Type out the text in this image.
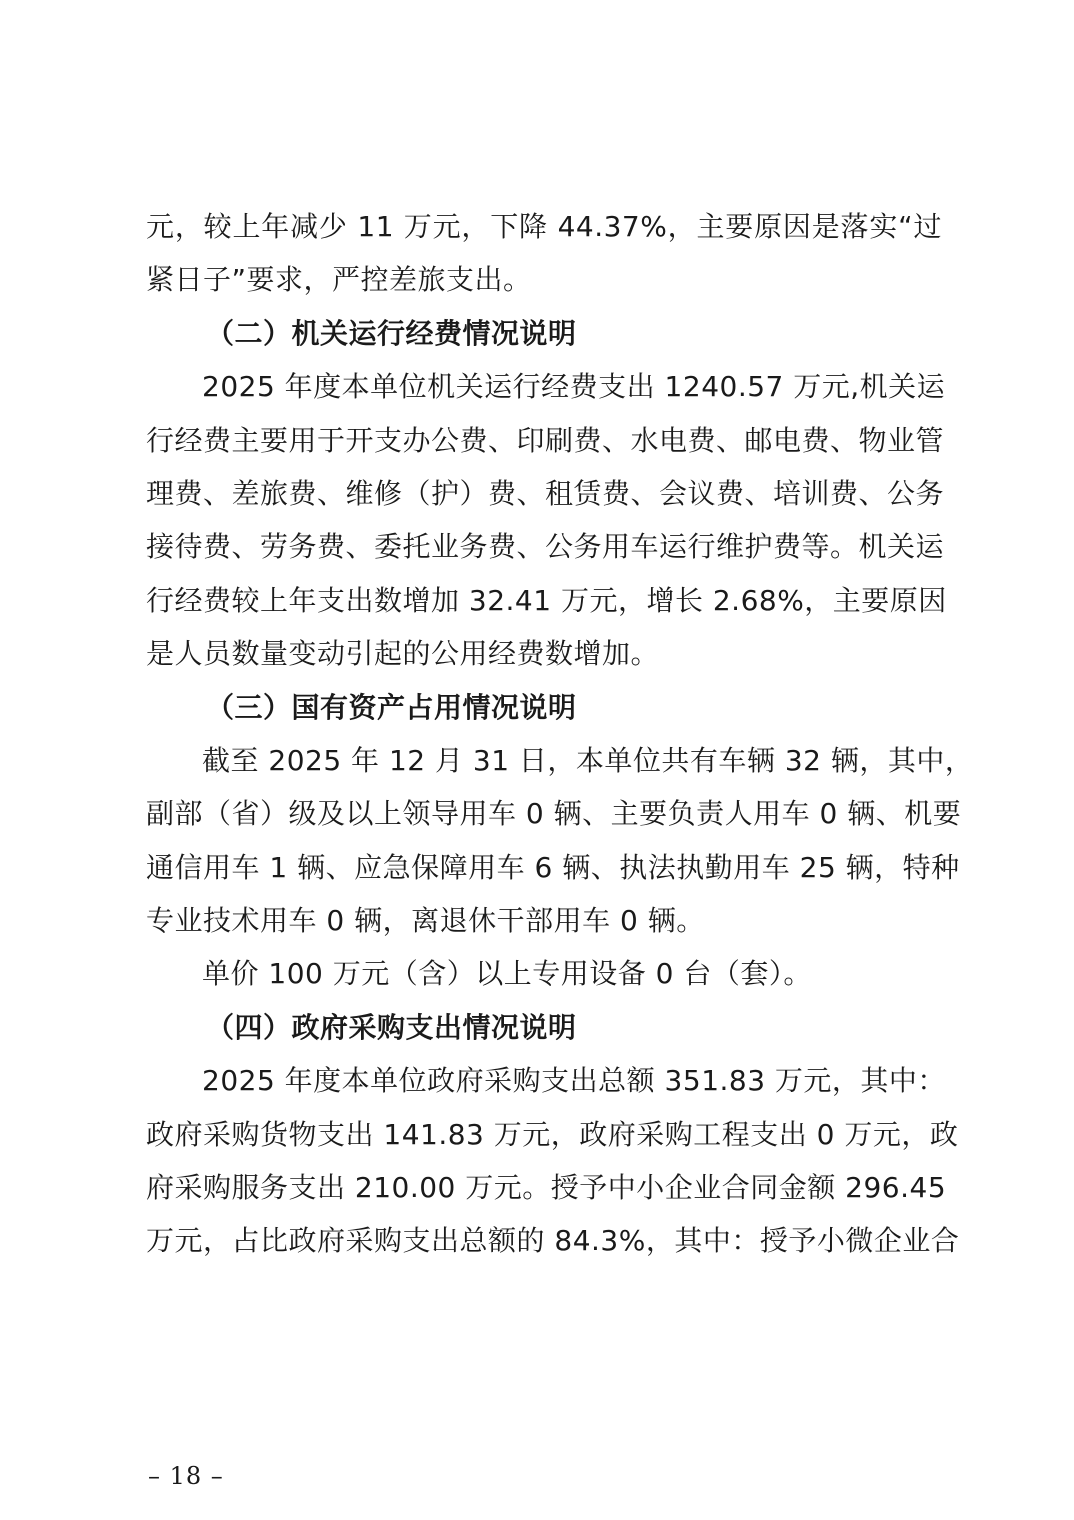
元，较上年减少 11 万元，下降 44.37%，主要原因是落实“过
紧日子”要求，严控差旅支出。
（二）机关运行经费情况说明
2025 年度本单位机关运行经费支出 1240.57 万元,机关运
行经费主要用于开支办公费、印刷费、水电费、邮电费、物业管
理费、差旅费、维修（护）费、租赁费、会议费、培训费、公务
接待费、劳务费、委托业务费、公务用车运行维护费等。机关运
行经费较上年支出数增加 32.41 万元，增长 2.68%，主要原因
是人员数量变动引起的公用经费数增加。
（三）国有资产占用情况说明
截至 2025 年 12 月 31 日，本单位共有车辆 32 辆，其中，
副部（省）级及以上领导用车 0 辆、主要负责人用车 0 辆、机要
通信用车 1 辆、应急保障用车 6 辆、执法执勤用车 25 辆，特种
专业技术用车 0 辆，离退休干部用车 0 辆。
单价 100 万元（含）以上专用设备 0 台（套）。
（四）政府采购支出情况说明
2025 年度本单位政府采购支出总额 351.83 万元，其中：
政府采购货物支出 141.83 万元，政府采购工程支出 0 万元，政
府采购服务支出 210.00 万元。授予中小企业合同金额 296.45
万元，占比政府采购支出总额的 84.3%，其中：授予小微企业合
– 18 –
